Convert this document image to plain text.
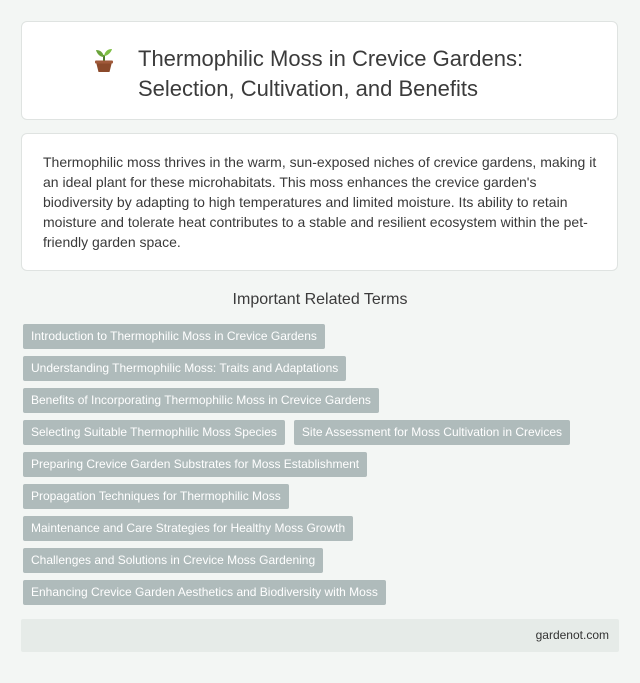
Thermophilic Moss in Crevice Gardens:
Selection, Cultivation, and Benefits

Thermophilic moss thrives in the warm, sun-exposed niches of crevice gardens, making it an ideal plant for these microhabitats. This moss enhances the crevice garden's biodiversity by adapting to high temperatures and limited moisture. Its ability to retain moisture and tolerate heat contributes to a stable and resilient ecosystem within the pet-friendly garden space.

Important Related Terms
Introduction to Thermophilic Moss in Crevice Gardens
Understanding Thermophilic Moss: Traits and Adaptations
Benefits of Incorporating Thermophilic Moss in Crevice Gardens
Selecting Suitable Thermophilic Moss Species	Site Assessment for Moss Cultivation in Crevices
Preparing Crevice Garden Substrates for Moss Establishment
Propagation Techniques for Thermophilic Moss
Maintenance and Care Strategies for Healthy Moss Growth
Challenges and Solutions in Crevice Moss Gardening
Enhancing Crevice Garden Aesthetics and Biodiversity with Moss
gardenot.com
